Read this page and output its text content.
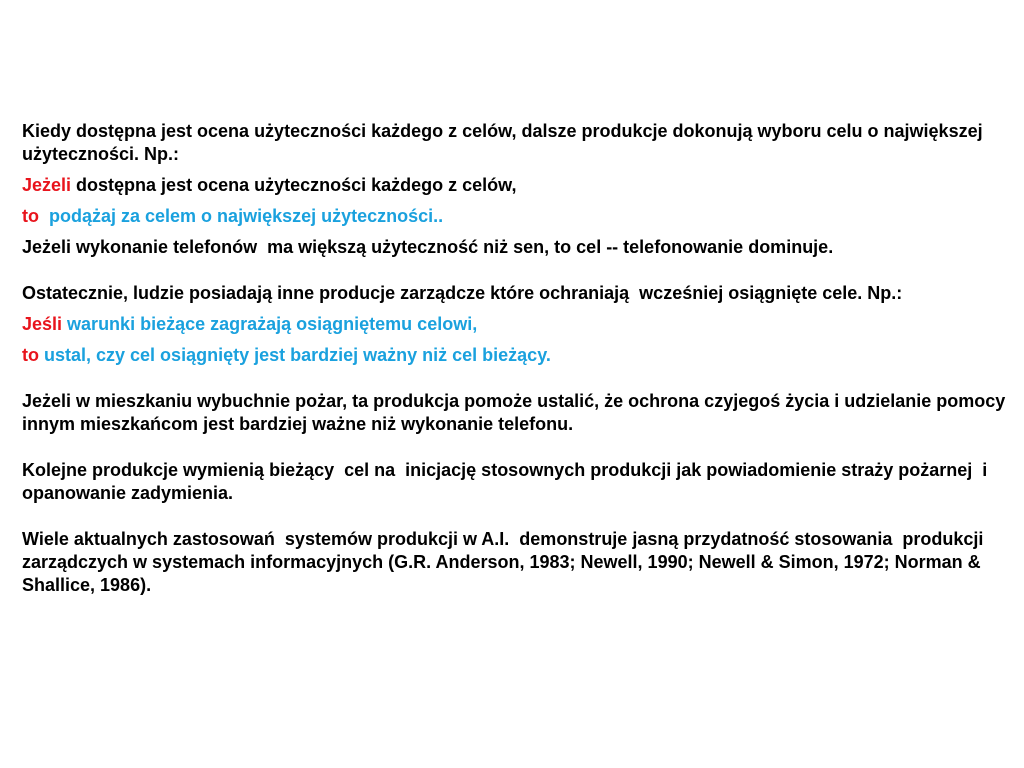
Kiedy dostępna jest ocena użyteczności każdego z celów, dalsze produkcje dokonują wyboru celu o największej użyteczności. Np.:

Jeżeli dostępna jest ocena użyteczności każdego z celów,

to  podążaj za celem o największej użyteczności..

Jeżeli wykonanie telefonów  ma większą użyteczność niż sen, to cel -- telefonowanie dominuje.

Ostatecznie, ludzie posiadają inne producje zarządcze które ochraniają  wcześniej osiągnięte cele. Np.:

Jeśli warunki bieżące zagrażają osiągniętemu celowi,

to ustal, czy cel osiągnięty jest bardziej ważny niż cel bieżący.

Jeżeli w mieszkaniu wybuchnie pożar, ta produkcja pomoże ustalić, że ochrona czyjegoś życia i udzielanie pomocy innym mieszkańcom jest bardziej ważne niż wykonanie telefonu.

Kolejne produkcje wymienią bieżący  cel na  inicjację stosownych produkcji jak powiadomienie straży pożarnej  i opanowanie zadymienia.

Wiele aktualnych zastosowań  systemów produkcji w A.I.  demonstruje jasną przydatność stosowania  produkcji zarządczych w systemach informacyjnych (G.R. Anderson, 1983; Newell, 1990; Newell & Simon, 1972; Norman & Shallice, 1986).
